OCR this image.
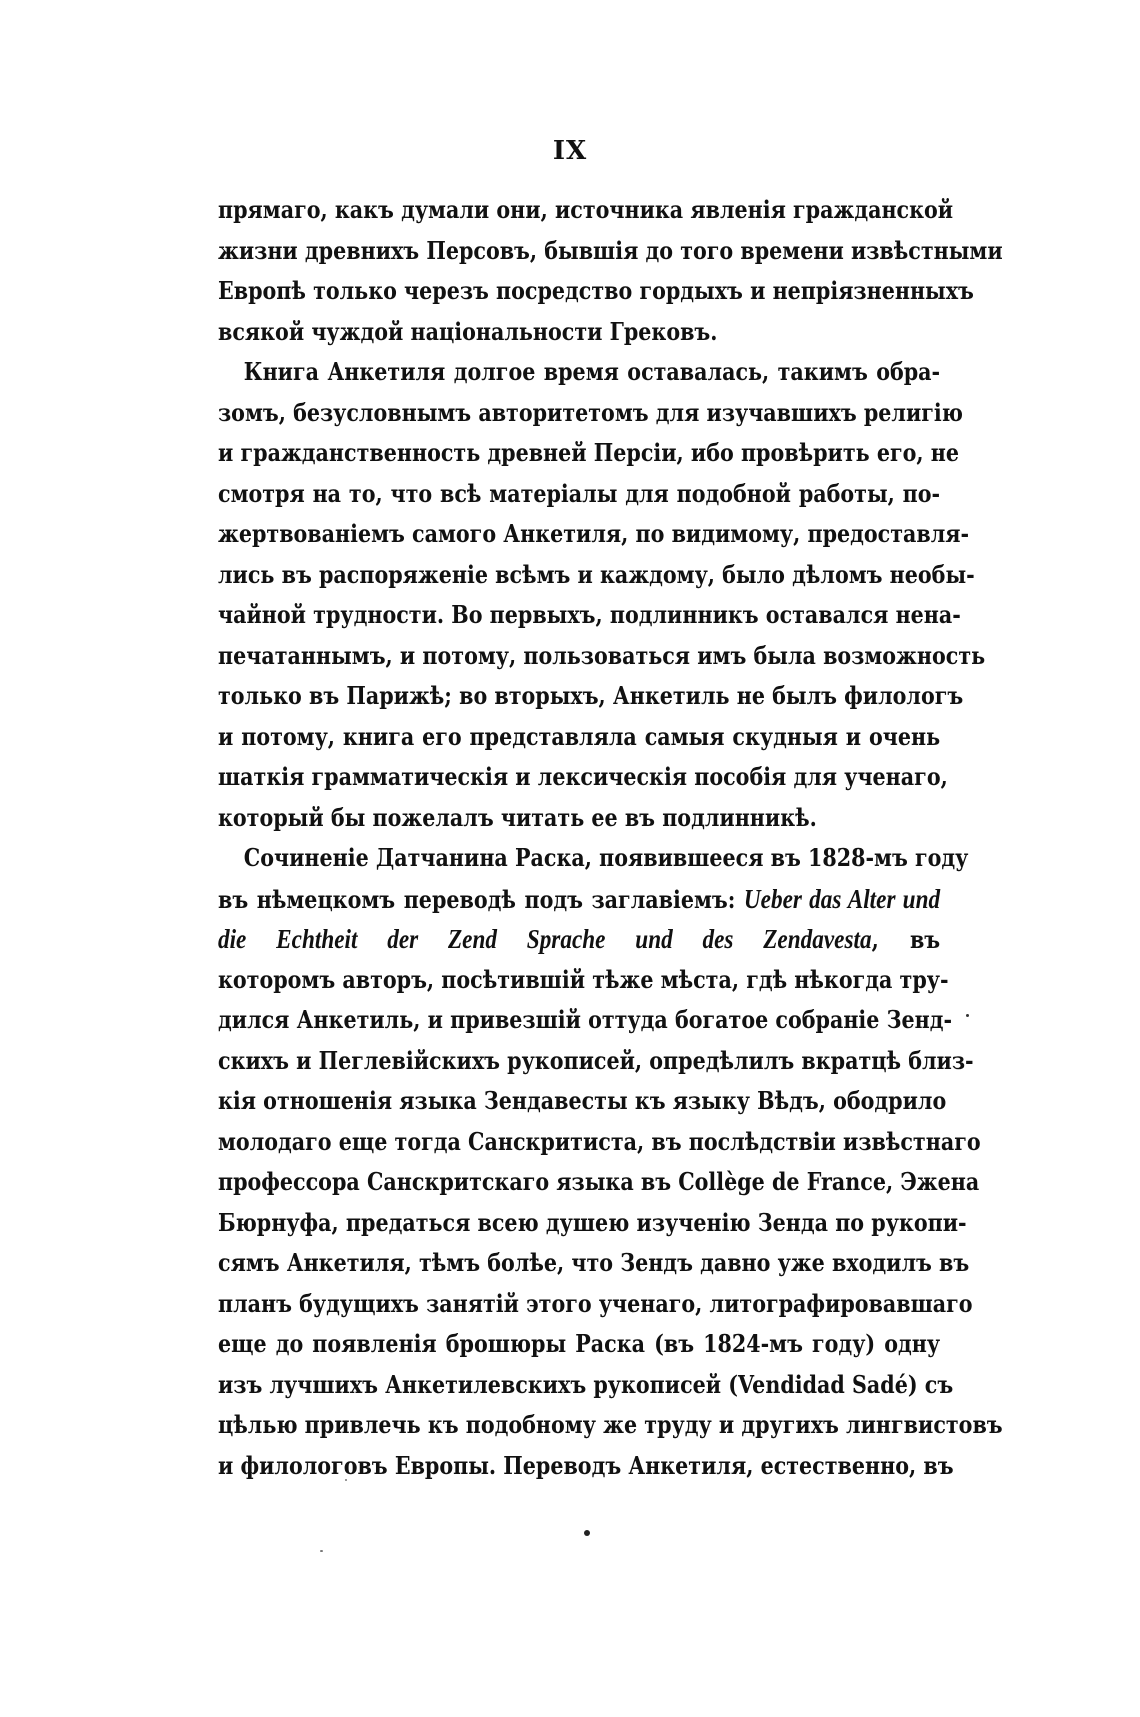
IX
прямаго, какъ думали они, источника явленія гражданской
жизни древнихъ Персовъ, бывшія до того времени извѣстными
Европѣ только черезъ посредство гордыхъ и непріязненныхъ
всякой чуждой національности Грековъ.
Книга Анкетиля долгое время оставалась, такимъ обра-
зомъ, безусловнымъ авторитетомъ для изучавшихъ религію
и гражданственность древней Персіи, ибо провѣрить его, не
смотря на то, что всѣ матеріалы для подобной работы, по-
жертвованіемъ самого Анкетиля, по видимому, предоставля-
лись въ распоряженіе всѣмъ и каждому, было дѣломъ необы-
чайной трудности. Во первыхъ, подлинникъ оставался нена-
печатаннымъ, и потому, пользоваться имъ была возможность
только въ Парижѣ; во вторыхъ, Анкетиль не былъ филологъ
и потому, книга его представляла самыя скудныя и очень
шаткія грамматическія и лексическія пособія для ученаго,
который бы пожелалъ читать ее въ подлинникѣ.
Сочиненіе Датчанина Раска, появившееся въ 1828-мъ году
въ нѣмецкомъ переводѣ подъ заглавіемъ: Ueber das Alter und
die Echtheit der Zend Sprache und des Zendavesta, въ
которомъ авторъ, посѣтившій тѣже мѣста, гдѣ нѣкогда тру-
дился Анкетиль, и привезшій оттуда богатое собраніе Зенд-
скихъ и Пеглевійскихъ рукописей, опредѣлилъ вкратцѣ близ-
кія отношенія языка Зендавесты къ языку Вѣдъ, ободрило
молодаго еще тогда Санскритиста, въ послѣдствіи извѣстнаго
профессора Санскритскаго языка въ Collège de France, Эжена
Бюрнуфа, предаться всею душею изученію Зенда по рукопи-
сямъ Анкетиля, тѣмъ болѣе, что Зендъ давно уже входилъ въ
планъ будущихъ занятій этого ученаго, литографировавшаго
еще до появленія брошюры Раска (въ 1824-мъ году) одну
изъ лучшихъ Анкетилевскихъ рукописей (Vendidad Sadé) съ
цѣлью привлечь къ подобному же труду и другихъ лингвистовъ
и филологовъ Европы. Переводъ Анкетиля, естественно, въ
